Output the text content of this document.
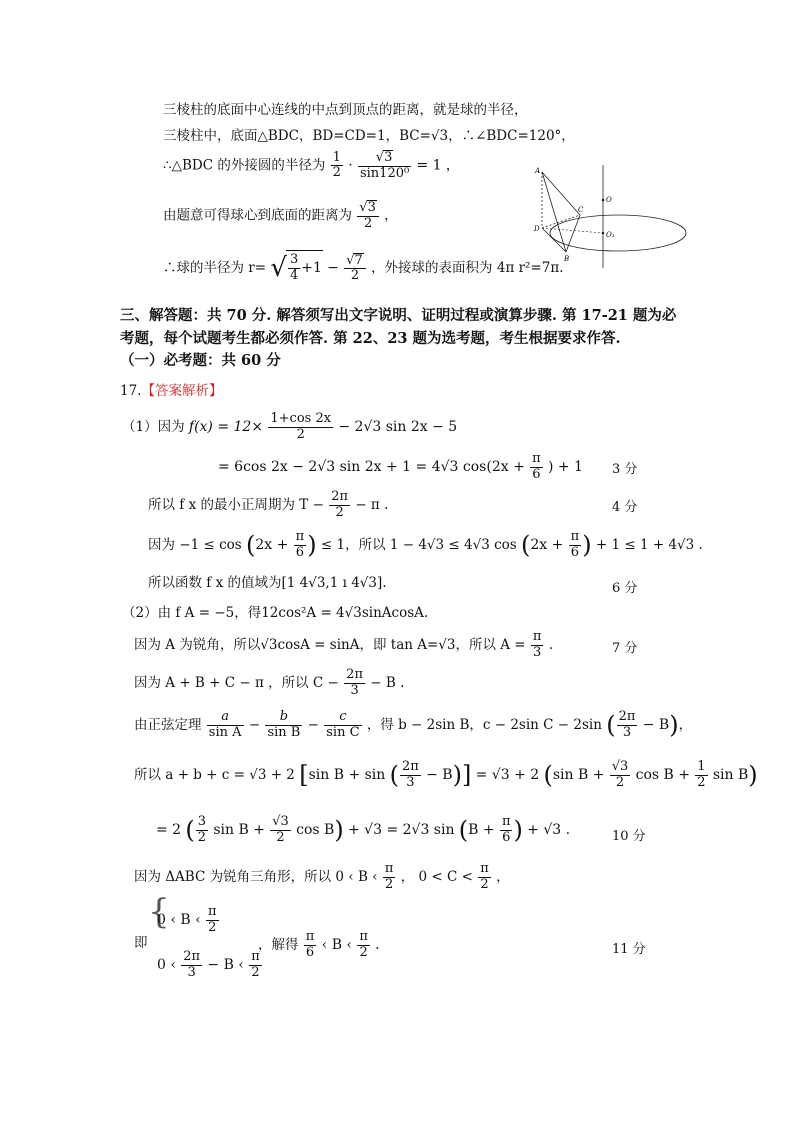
三棱柱的底面中心连线的中点到顶点的距离，就是球的半径，
三棱柱中，底面△BDC，BD=CD=1，BC=√3，∴∠BDC=120°，
∴△BDC 的外接圆的半径为 $\frac{1}{2} \cdot \frac{√3}{\text{sin120⁰}} = 1$ ，
由题意可得球心到底面的距离为 $\frac{√3}{2}$ ，
∴球的半径为 r= √ $\frac{3}{4} +1 - \frac{√7}{2}$ ，外接球的表面积为 4π r²=7π.
A
C
O
D
O₁
B
三、解答题：共 70 分. 解答须写出文字说明、证明过程或演算步骤. 第 17-21 题为必
考题，每个试题考生都必须作答. 第 22、23 题为选考题，考生根据要求作答.
（一）必考题：共 60 分
17.【答案解析】
（1）因为 $f(x) = 12\times \frac{1+\cos 2x}{2} - 2√3$ sin 2x − 5
= 6cos 2x − 2√3 sin 2x + 1 = 4√3 $\cos(2x + \frac{\pi}{6}$ ) + 1 3 分
所以 f x 的最小正周期为 $T - \frac{2\pi}{2} - \pi$ .	4 分
因为 $-1 \le \cos (2x + \frac{\pi}{6}$ ) ≤ 1，所以 1 − 4√3 ≤ 4√3 $\cos (2x + \frac{\pi}{6}$ ) + 1 ≤ 1 + 4√3 .
所以函数 f x 的值域为[1 4√3,1 ı 4√3].	6 分
（2）由 f A = −5，得12cos²A = 4√3sinAcosA.
因为 A 为锐角，所以√3cosA = sinA，即 tan A=√3，所以 $A = \frac{\pi}{3}$ .	7 分
因为 A + B + C − π ，所以 $C - \frac{2\pi}{3} - B$ .
由正弦定理 $\frac{a}{\text{sin A}} - \frac{b}{\text{sin B}} - \frac{c}{\text{sin C}}$ ，得 b − 2sin B，c − 2sin C − 2sin ( $\frac{2\pi}{3} - B$)，
所以 a + b + c = √3 + 2 [sin B + sin ( $\frac{2\pi}{3} - B)] = √3 + 2$ (sin $B + \frac{√3}{2}$ $\cos B + \frac{1}{2}$ sin B)
= 2 ( $\frac{3}{2}$ $\sin B + \frac{√3}{2}$ cos B) + √3 = 2√3 $\sin (B + \frac{\pi}{6}$ ) + √3 .	10 分
因为 ΔABC 为锐角三角形，所以 0 ‹ B ‹ $\frac{\pi}{2}$ ， $0 < C < \frac{\pi}{2}$ ，
即
{
0 ‹ B ‹ $\frac{\pi}{2}$
0 ‹ $\frac{2\pi}{3} - B$ ‹ $\frac{\pi}{2}$
，解得 $\frac{\pi}{6}$ ‹ B ‹ $\frac{\pi}{2}$ .	11 分
